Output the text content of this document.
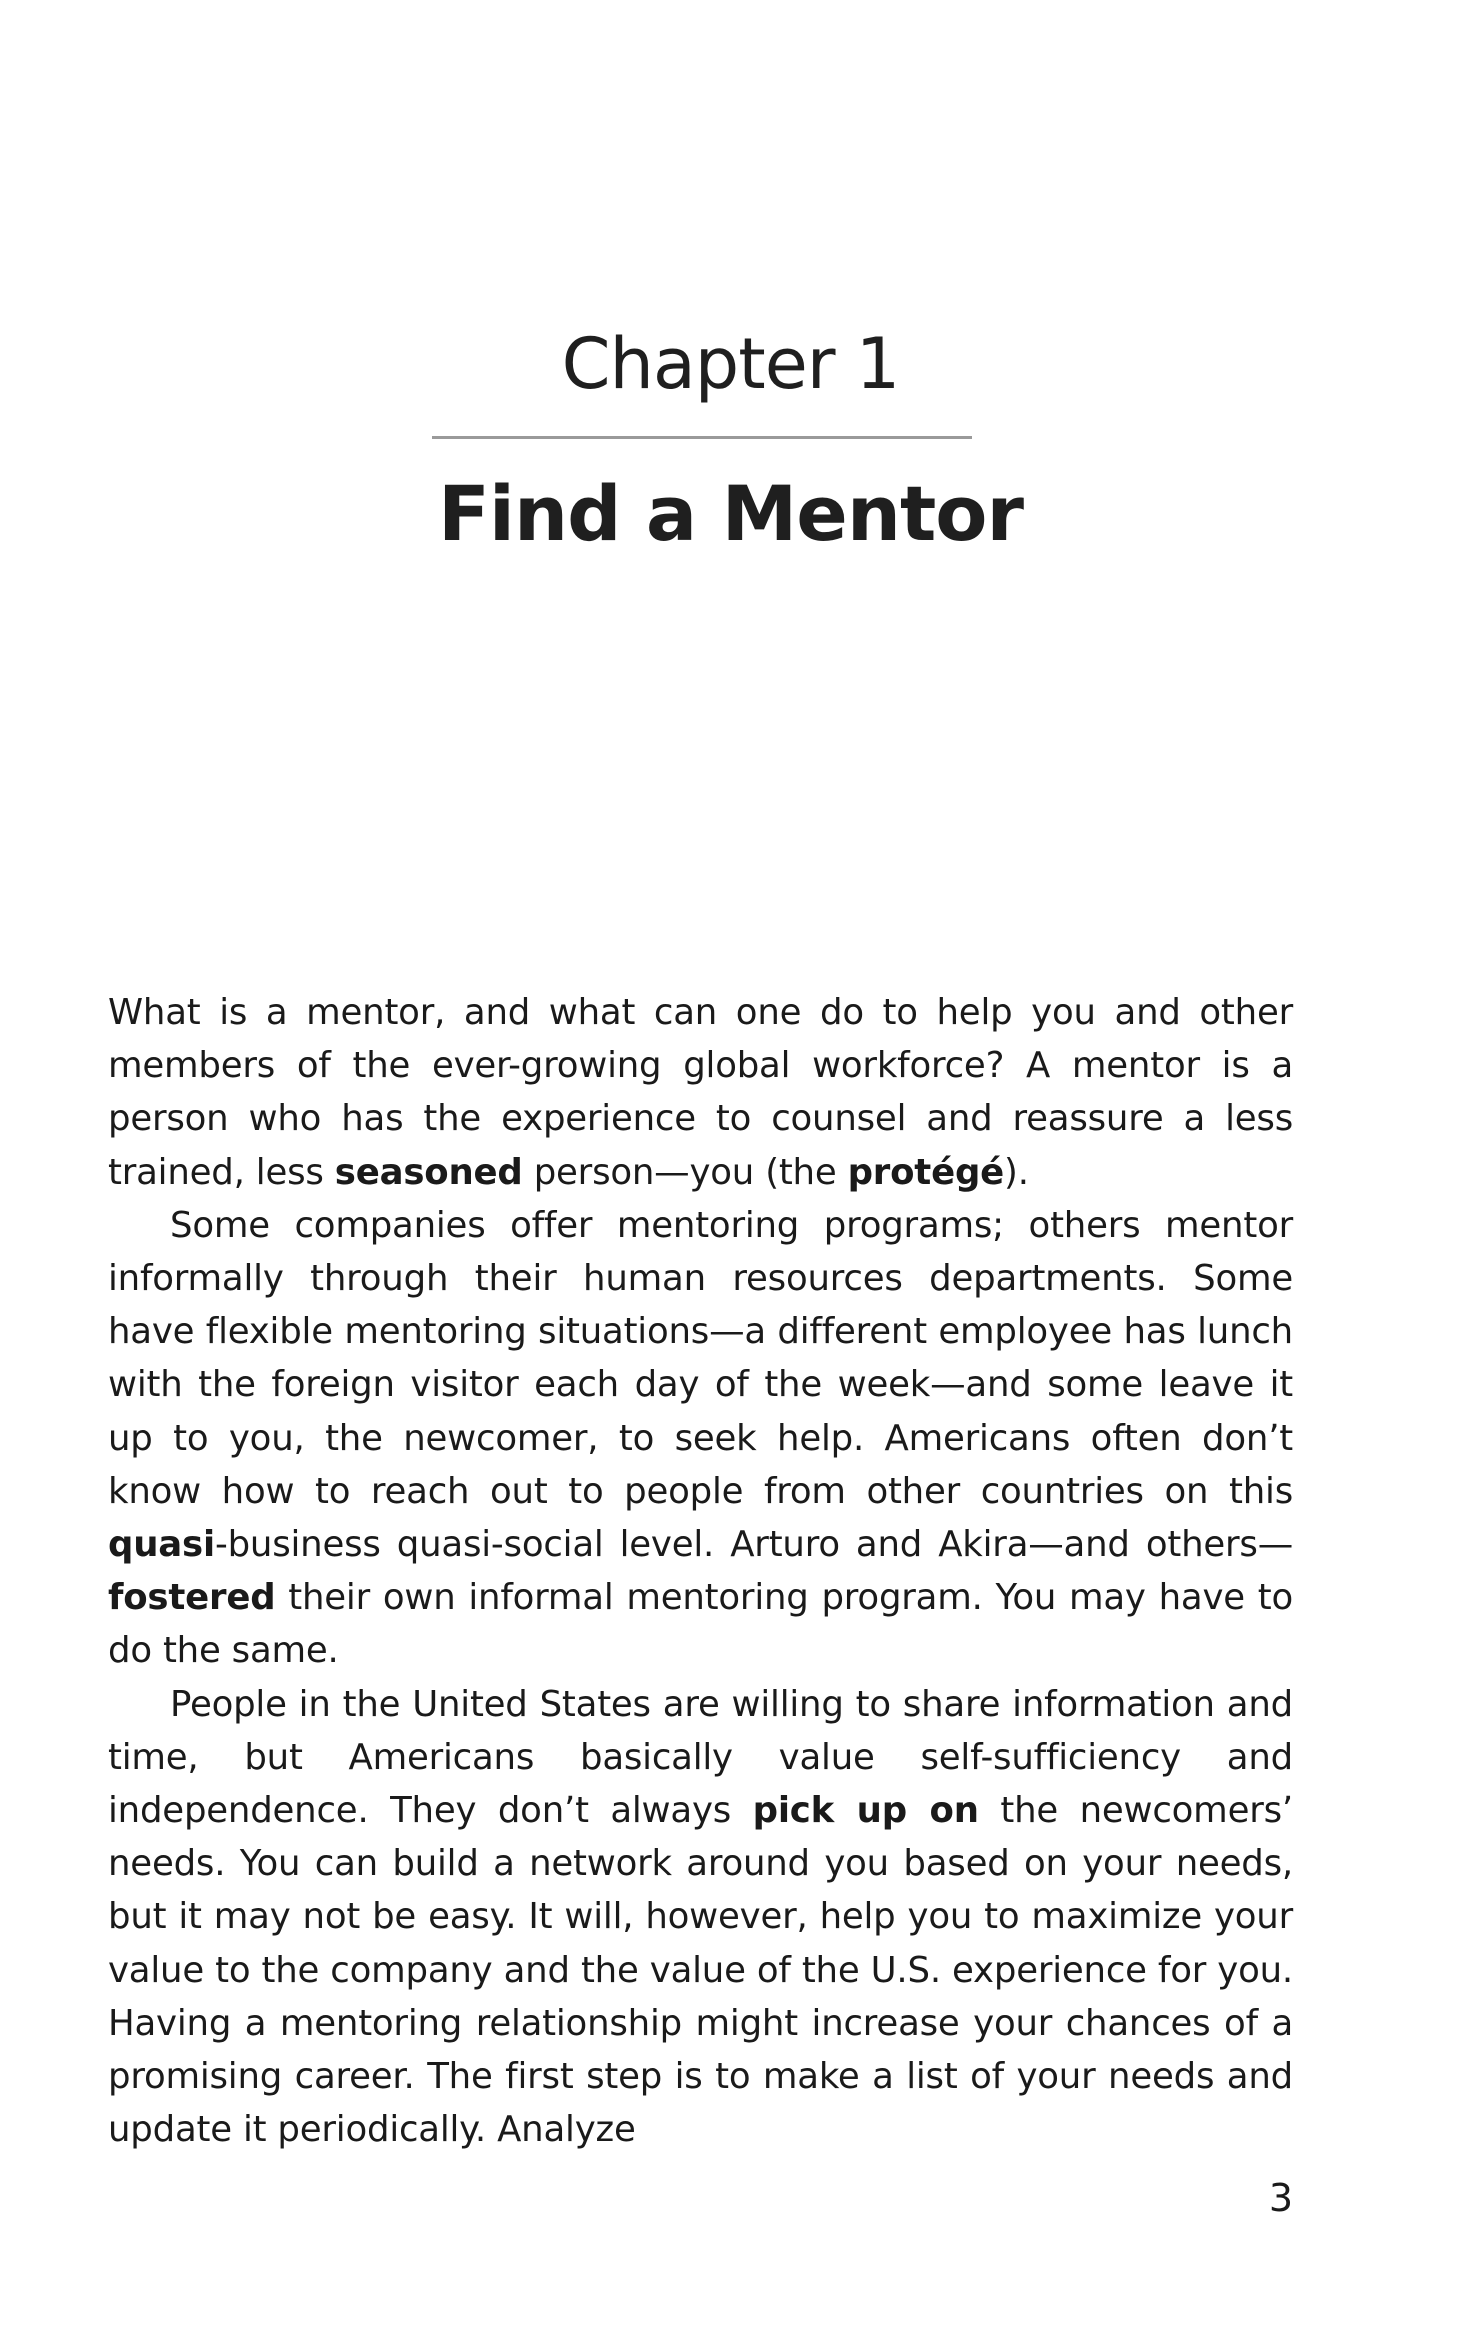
Chapter 1
Find a Mentor

What is a mentor, and what can one do to help you and other members of the ever-growing global workforce? A mentor is a person who has the experience to counsel and reassure a less trained, less seasoned person—you (the protégé).

Some companies offer mentoring programs; others mentor informally through their human resources departments. Some have flexible mentoring situations—a different employee has lunch with the foreign visitor each day of the week—and some leave it up to you, the newcomer, to seek help. Americans often don’t know how to reach out to people from other countries on this quasi-business quasi-social level. Arturo and Akira—and others—fostered their own informal mentoring program. You may have to do the same.

People in the United States are willing to share information and time, but Americans basically value self-sufficiency and independence. They don’t always pick up on the newcomers’ needs. You can build a network around you based on your needs, but it may not be easy. It will, however, help you to maximize your value to the company and the value of the U.S. experience for you. Having a mentoring relationship might increase your chances of a promising career. The first step is to make a list of your needs and update it periodically. Analyze

3
